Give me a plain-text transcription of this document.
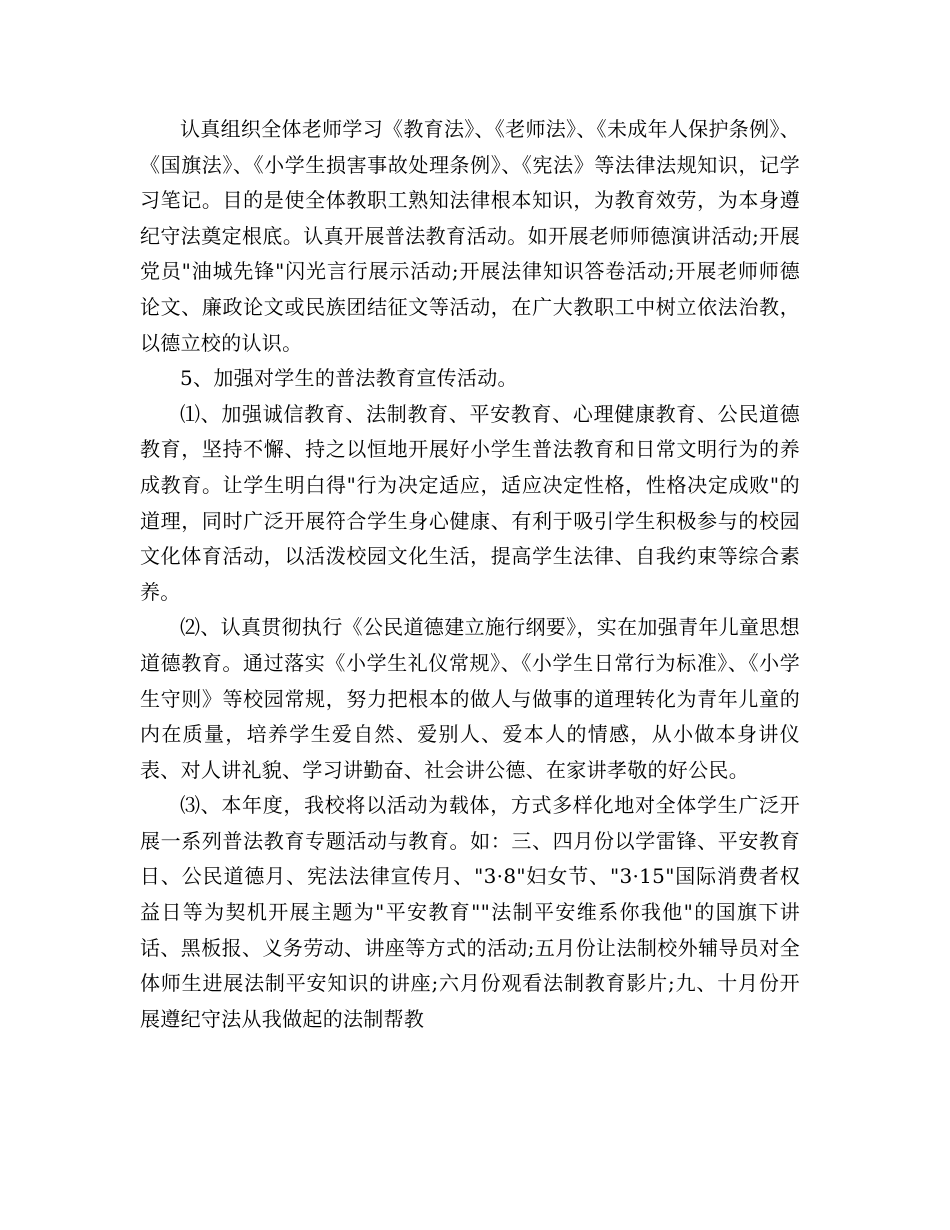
认真组织全体老师学习《教育法》、《老师法》、《未成年人保护条例》、《国旗法》、《小学生损害事故处理条例》、《宪法》等法律法规知识，记学习笔记。目的是使全体教职工熟知法律根本知识，为教育效劳，为本身遵纪守法奠定根底。认真开展普法教育活动。如开展老师师德演讲活动;开展党员"油城先锋"闪光言行展示活动;开展法律知识答卷活动;开展老师师德论文、廉政论文或民族团结征文等活动，在广大教职工中树立依法治教，以德立校的认识。

5、加强对学生的普法教育宣传活动。

⑴、加强诚信教育、法制教育、平安教育、心理健康教育、公民道德教育，坚持不懈、持之以恒地开展好小学生普法教育和日常文明行为的养成教育。让学生明白得"行为决定适应，适应决定性格，性格决定成败"的道理，同时广泛开展符合学生身心健康、有利于吸引学生积极参与的校园文化体育活动，以活泼校园文化生活，提高学生法律、自我约束等综合素养。

⑵、认真贯彻执行《公民道德建立施行纲要》，实在加强青年儿童思想道德教育。通过落实《小学生礼仪常规》、《小学生日常行为标准》、《小学生守则》等校园常规，努力把根本的做人与做事的道理转化为青年儿童的内在质量，培养学生爱自然、爱别人、爱本人的情感，从小做本身讲仪表、对人讲礼貌、学习讲勤奋、社会讲公德、在家讲孝敬的好公民。

⑶、本年度，我校将以活动为载体，方式多样化地对全体学生广泛开展一系列普法教育专题活动与教育。如：三、四月份以学雷锋、平安教育日、公民道德月、宪法法律宣传月、"3·8"妇女节、"3·15"国际消费者权益日等为契机开展主题为"平安教育""法制平安维系你我他"的国旗下讲话、黑板报、义务劳动、讲座等方式的活动;五月份让法制校外辅导员对全体师生进展法制平安知识的讲座;六月份观看法制教育影片;九、十月份开展遵纪守法从我做起的法制帮教
